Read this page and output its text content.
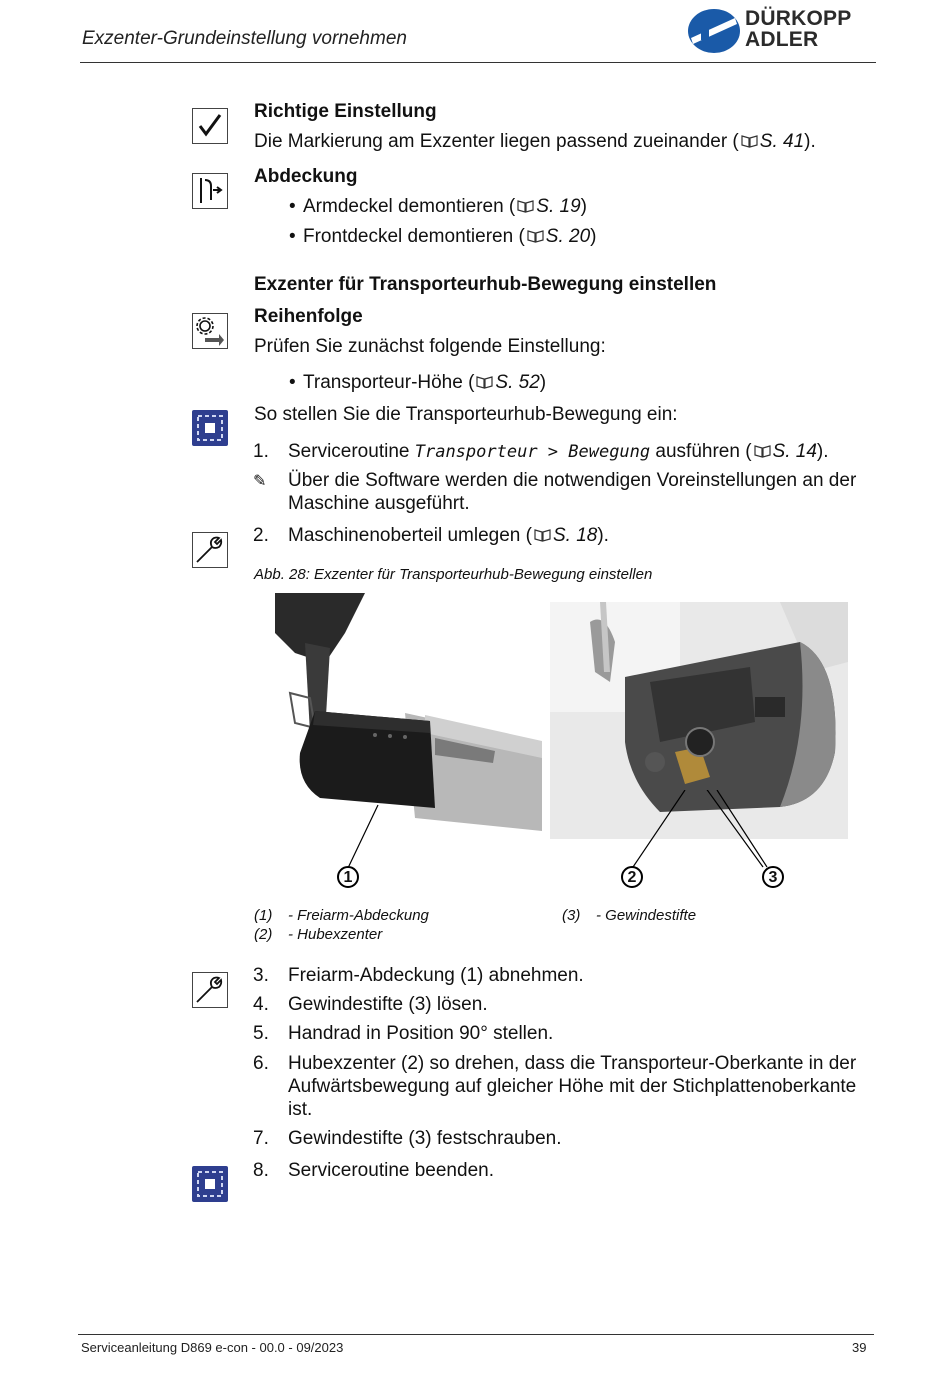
Exzenter-Grundeinstellung vornehmen
DÜRKOPP
ADLER
Richtige Einstellung
Die Markierung am Exzenter liegen passend zueinander ( S. 41).
Abdeckung
• Armdeckel demontieren ( S. 19)
• Frontdeckel demontieren ( S. 20)
Exzenter für Transporteurhub-Bewegung einstellen
Reihenfolge
Prüfen Sie zunächst folgende Einstellung:
• Transporteur-Höhe ( S. 52)
So stellen Sie die Transporteurhub-Bewegung ein:
1. Serviceroutine Transporteur > Bewegung ausführen ( S. 14).
✎ Über die Software werden die notwendigen Voreinstellungen an der Maschine ausgeführt.
2. Maschinenoberteil umlegen ( S. 18).
Abb. 28: Exzenter für Transporteurhub-Bewegung einstellen
1	2	3
(1) - Freiarm-Abdeckung
(2) - Hubexzenter
(3) - Gewindestifte
3. Freiarm-Abdeckung (1) abnehmen.
4. Gewindestifte (3) lösen.
5. Handrad in Position 90° stellen.
6. Hubexzenter (2) so drehen, dass die Transporteur-Oberkante in der Aufwärtsbewegung auf gleicher Höhe mit der Stichplattenoberkante ist.
7. Gewindestifte (3) festschrauben.
8. Serviceroutine beenden.
Serviceanleitung D869 e-con - 00.0 - 09/2023	39
